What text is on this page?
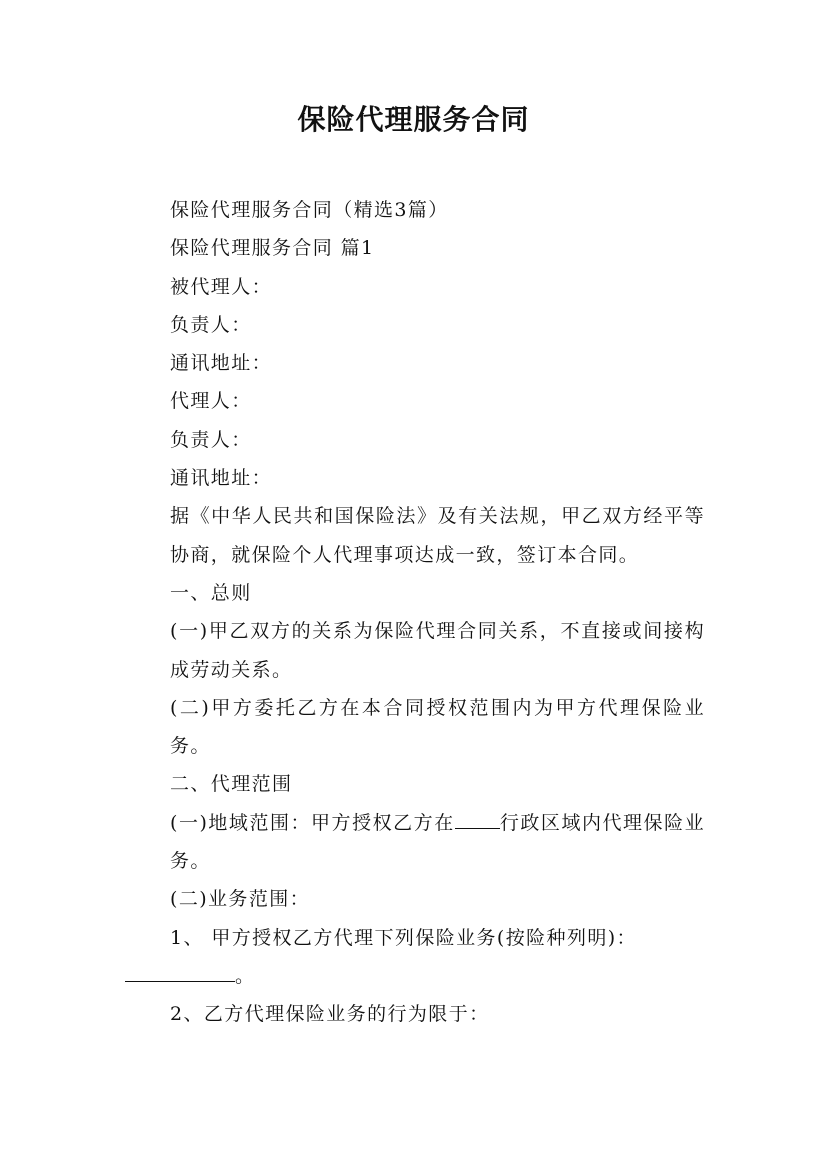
保险代理服务合同

保险代理服务合同（精选3篇）

保险代理服务合同 篇1

被代理人：

负责人：

通讯地址：

代理人：

负责人：

通讯地址：

据《中华人民共和国保险法》及有关法规，甲乙双方经平等协商，就保险个人代理事项达成一致，签订本合同。

一、总则

(一)甲乙双方的关系为保险代理合同关系，不直接或间接构成劳动关系。

(二)甲方委托乙方在本合同授权范围内为甲方代理保险业务。

二、代理范围

(一)地域范围：甲方授权乙方在 行政区域内代理保险业务。

(二)业务范围：

1、 甲方授权乙方代理下列保险业务(按险种列明)：

。

2、乙方代理保险业务的行为限于：
